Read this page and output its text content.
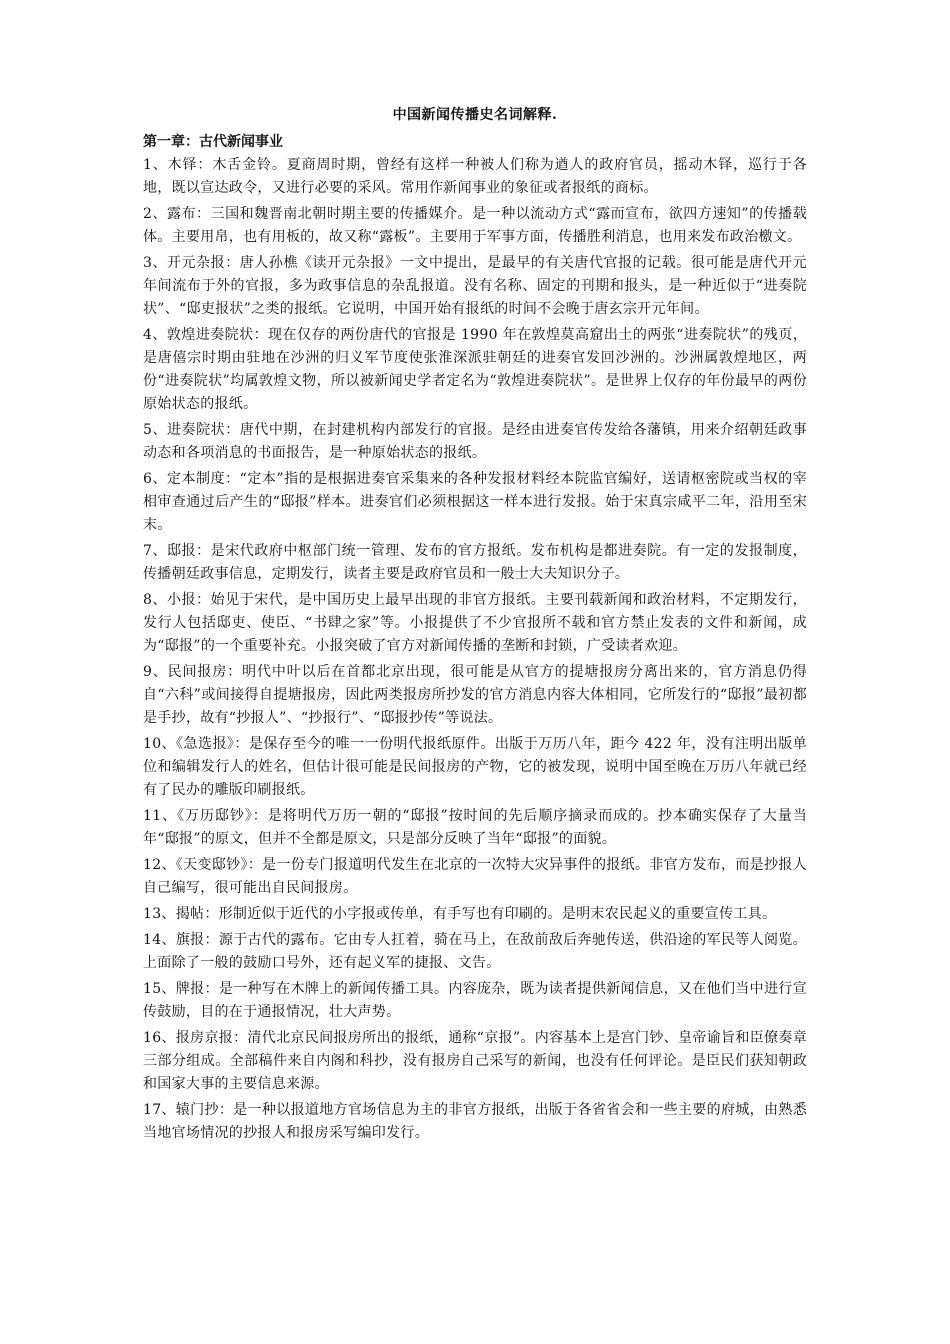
中国新闻传播史名词解释.
第一章：古代新闻事业

1、木铎：木舌金铃。夏商周时期，曾经有这样一种被人们称为遒人的政府官员，摇动木铎，巡行于各地，既以宣达政令，又进行必要的采风。常用作新闻事业的象征或者报纸的商标。

2、露布：三国和魏晋南北朝时期主要的传播媒介。是一种以流动方式“露而宣布，欲四方速知”的传播载体。主要用帛，也有用板的，故又称“露板”。主要用于军事方面，传播胜利消息，也用来发布政治檄文。

3、开元杂报：唐人孙樵《读开元杂报》一文中提出，是最早的有关唐代官报的记载。很可能是唐代开元年间流布于外的官报，多为政事信息的杂乱报道。没有名称、固定的刊期和报头，是一种近似于“进奏院状”、“邸吏报状”之类的报纸。它说明，中国开始有报纸的时间不会晚于唐玄宗开元年间。

4、敦煌进奏院状：现在仅存的两份唐代的官报是 1990 年在敦煌莫高窟出土的两张“进奏院状”的残页，是唐僖宗时期由驻地在沙洲的归义军节度使张淮深派驻朝廷的进奏官发回沙洲的。沙洲属敦煌地区，两份“进奏院状”均属敦煌文物，所以被新闻史学者定名为“敦煌进奏院状”。是世界上仅存的年份最早的两份原始状态的报纸。

5、进奏院状：唐代中期，在封建机构内部发行的官报。是经由进奏官传发给各藩镇，用来介绍朝廷政事动态和各项消息的书面报告，是一种原始状态的报纸。

6、定本制度：“定本”指的是根据进奏官采集来的各种发报材料经本院监官编好，送请枢密院或当权的宰相审查通过后产生的“邸报”样本。进奏官们必须根据这一样本进行发报。始于宋真宗咸平二年，沿用至宋末。

7、邸报：是宋代政府中枢部门统一管理、发布的官方报纸。发布机构是都进奏院。有一定的发报制度，传播朝廷政事信息，定期发行，读者主要是政府官员和一般士大夫知识分子。

8、小报：始见于宋代，是中国历史上最早出现的非官方报纸。主要刊载新闻和政治材料，不定期发行，发行人包括邸吏、使臣、“书肆之家”等。小报提供了不少官报所不载和官方禁止发表的文件和新闻，成为“邸报”的一个重要补充。小报突破了官方对新闻传播的垄断和封锁，广受读者欢迎。

9、民间报房：明代中叶以后在首都北京出现，很可能是从官方的提塘报房分离出来的，官方消息仍得自“六科”或间接得自提塘报房，因此两类报房所抄发的官方消息内容大体相同，它所发行的“邸报”最初都是手抄，故有“抄报人”、“抄报行”、“邸报抄传”等说法。

10、《急选报》：是保存至今的唯一一份明代报纸原件。出版于万历八年，距今 422 年，没有注明出版单位和编辑发行人的姓名，但估计很可能是民间报房的产物，它的被发现，说明中国至晚在万历八年就已经有了民办的雕版印刷报纸。

11、《万历邸钞》：是将明代万历一朝的“邸报”按时间的先后顺序摘录而成的。抄本确实保存了大量当年“邸报”的原文，但并不全都是原文，只是部分反映了当年“邸报”的面貌。

12、《天变邸钞》：是一份专门报道明代发生在北京的一次特大灾异事件的报纸。非官方发布，而是抄报人自己编写，很可能出自民间报房。

13、揭帖：形制近似于近代的小字报或传单，有手写也有印刷的。是明末农民起义的重要宣传工具。

14、旗报：源于古代的露布。它由专人扛着，骑在马上，在敌前敌后奔驰传送，供沿途的军民等人阅览。上面除了一般的鼓励口号外，还有起义军的捷报、文告。

15、牌报：是一种写在木牌上的新闻传播工具。内容庞杂，既为读者提供新闻信息，又在他们当中进行宣传鼓励，目的在于通报情况，壮大声势。

16、报房京报：清代北京民间报房所出的报纸，通称“京报”。内容基本上是宫门钞、皇帝谕旨和臣僚奏章三部分组成。全部稿件来自内阁和科抄，没有报房自己采写的新闻，也没有任何评论。是臣民们获知朝政和国家大事的主要信息来源。

17、辕门抄：是一种以报道地方官场信息为主的非官方报纸，出版于各省省会和一些主要的府城，由熟悉当地官场情况的抄报人和报房采写编印发行。
